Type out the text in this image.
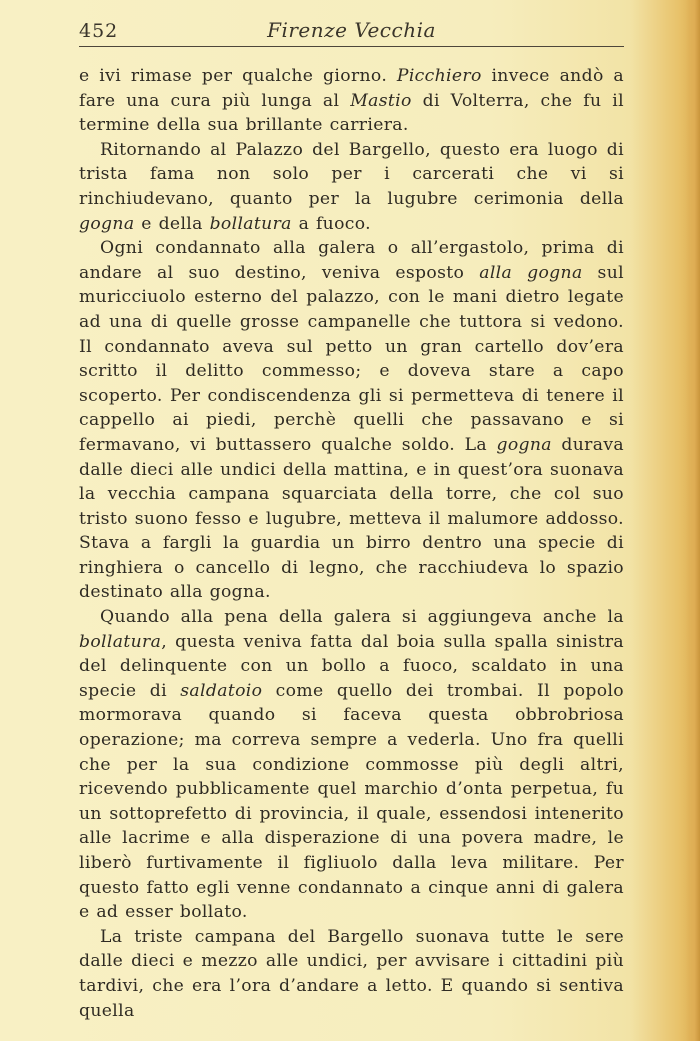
452	Firenze Vecchia

e ivi rimase per qualche giorno. Picchiero invece andò a fare una cura più lunga al Mastio di Volterra, che fu il termine della sua brillante carriera.

Ritornando al Palazzo del Bargello, questo era luogo di trista fama non solo per i carcerati che vi si rinchiudevano, quanto per la lugubre cerimonia della gogna e della bollatura a fuoco.

Ogni condannato alla galera o all’ergastolo, prima di andare al suo destino, veniva esposto alla gogna sul muricciuolo esterno del palazzo, con le mani dietro legate ad una di quelle grosse campanelle che tuttora si vedono. Il condannato aveva sul petto un gran cartello dov’era scritto il delitto commesso; e doveva stare a capo scoperto. Per condiscendenza gli si permetteva di tenere il cappello ai piedi, perchè quelli che passavano e si fermavano, vi buttassero qualche soldo. La gogna durava dalle dieci alle undici della mattina, e in quest’ora suonava la vecchia campana squarciata della torre, che col suo tristo suono fesso e lugubre, metteva il malumore addosso. Stava a fargli la guardia un birro dentro una specie di ringhiera o cancello di legno, che racchiudeva lo spazio destinato alla gogna.

Quando alla pena della galera si aggiungeva anche la bollatura, questa veniva fatta dal boia sulla spalla sinistra del delinquente con un bollo a fuoco, scaldato in una specie di saldatoio come quello dei trombai. Il popolo mormorava quando si faceva questa obbrobriosa operazione; ma correva sempre a vederla. Uno fra quelli che per la sua condizione commosse più degli altri, ricevendo pubblicamente quel marchio d’onta perpetua, fu un sottoprefetto di provincia, il quale, essendosi intenerito alle lacrime e alla disperazione di una povera madre, le liberò furtivamente il figliuolo dalla leva militare. Per questo fatto egli venne condannato a cinque anni di galera e ad esser bollato.

La triste campana del Bargello suonava tutte le sere dalle dieci e mezzo alle undici, per avvisare i cittadini più tardivi, che era l’ora d’andare a letto. E quando si sentiva quella
